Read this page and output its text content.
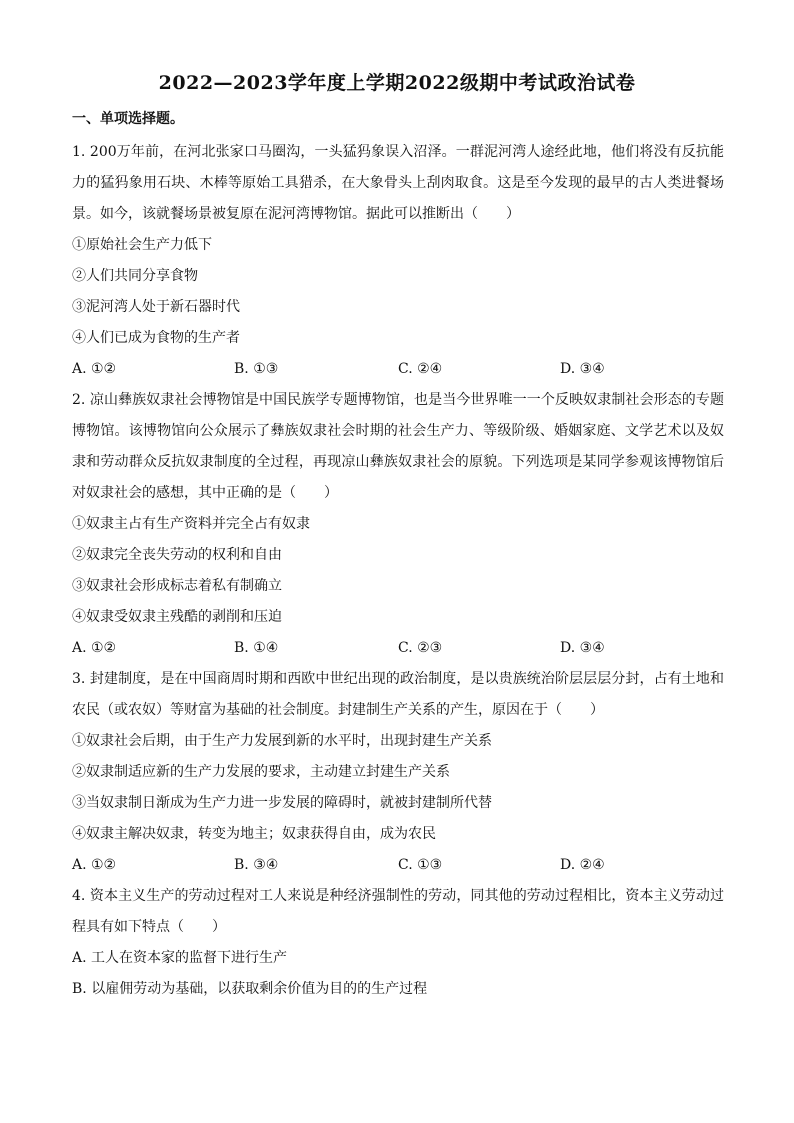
2022—2023学年度上学期2022级期中考试政治试卷
一、单项选择题。
1. 200万年前，在河北张家口马圈沟，一头猛犸象误入沼泽。一群泥河湾人途经此地，他们将没有反抗能
力的猛犸象用石块、木棒等原始工具猎杀，在大象骨头上刮肉取食。这是至今发现的最早的古人类进餐场
景。如今，该就餐场景被复原在泥河湾博物馆。据此可以推断出（　　）
①原始社会生产力低下
②人们共同分享食物
③泥河湾人处于新石器时代
④人们已成为食物的生产者
A. ①②	B. ①③	C. ②④	D. ③④
2. 凉山彝族奴隶社会博物馆是中国民族学专题博物馆，也是当今世界唯一一个反映奴隶制社会形态的专题
博物馆。该博物馆向公众展示了彝族奴隶社会时期的社会生产力、等级阶级、婚姻家庭、文学艺术以及奴
隶和劳动群众反抗奴隶制度的全过程，再现凉山彝族奴隶社会的原貌。下列选项是某同学参观该博物馆后
对奴隶社会的感想，其中正确的是（　　）
①奴隶主占有生产资料并完全占有奴隶
②奴隶完全丧失劳动的权利和自由
③奴隶社会形成标志着私有制确立
④奴隶受奴隶主残酷的剥削和压迫
A. ①②	B. ①④	C. ②③	D. ③④
3. 封建制度，是在中国商周时期和西欧中世纪出现的政治制度，是以贵族统治阶层层层分封，占有土地和
农民（或农奴）等财富为基础的社会制度。封建制生产关系的产生，原因在于（　　）
①奴隶社会后期，由于生产力发展到新的水平时，出现封建生产关系
②奴隶制适应新的生产力发展的要求，主动建立封建生产关系
③当奴隶制日渐成为生产力进一步发展的障碍时，就被封建制所代替
④奴隶主解决奴隶，转变为地主；奴隶获得自由，成为农民
A. ①②	B. ③④	C. ①③	D. ②④
4. 资本主义生产的劳动过程对工人来说是种经济强制性的劳动，同其他的劳动过程相比，资本主义劳动过
程具有如下特点（　　）
A. 工人在资本家的监督下进行生产
B. 以雇佣劳动为基础，以获取剩余价值为目的的生产过程
